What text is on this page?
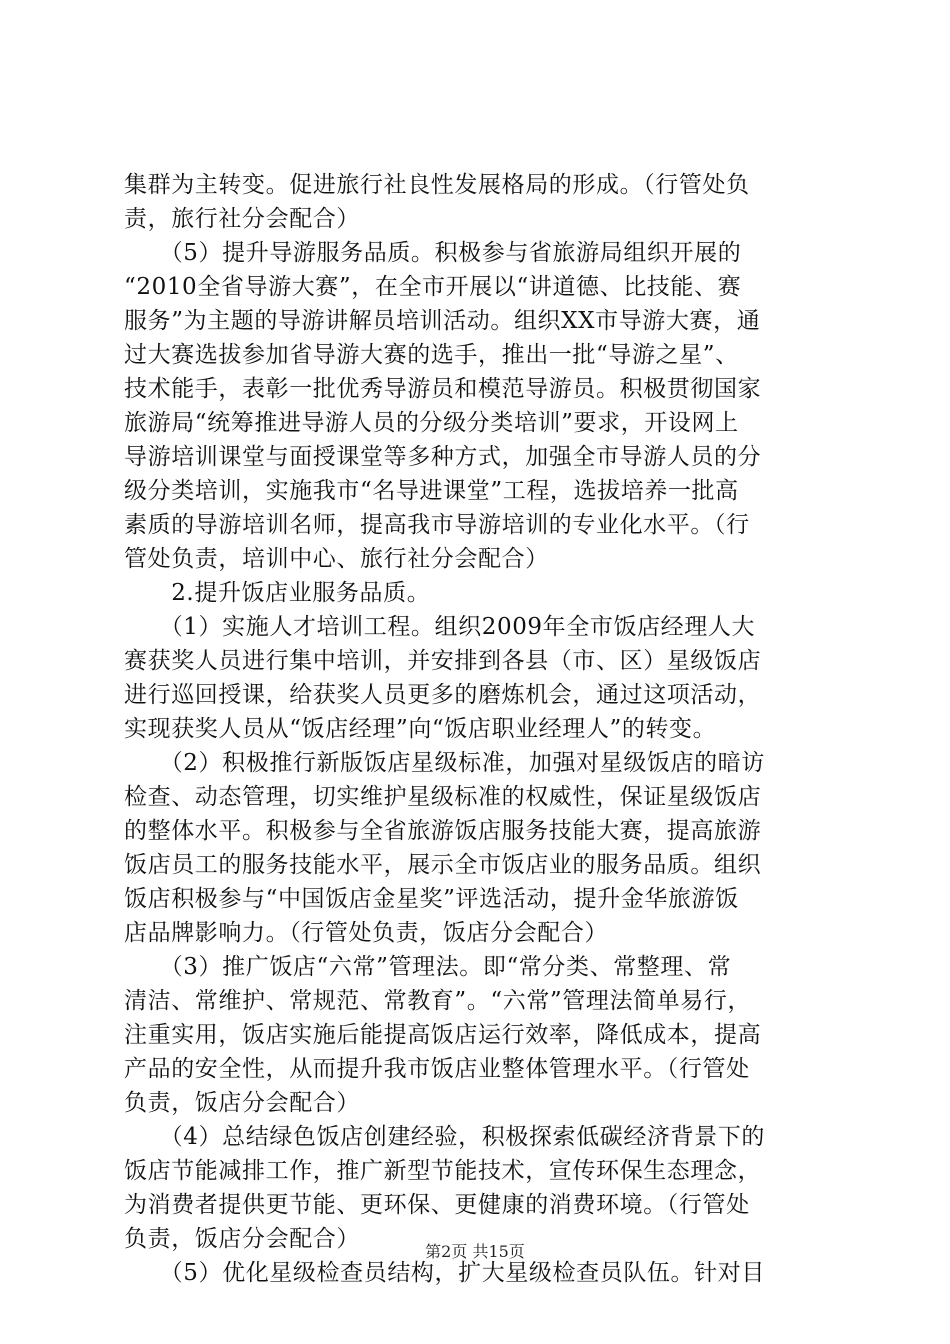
集群为主转变。促进旅行社良性发展格局的形成。（行管处负
责，旅行社分会配合）
　　（5）提升导游服务品质。积极参与省旅游局组织开展的
“2010全省导游大赛”，在全市开展以“讲道德、比技能、赛
服务”为主题的导游讲解员培训活动。组织XX市导游大赛，通
过大赛选拔参加省导游大赛的选手，推出一批“导游之星”、
技术能手，表彰一批优秀导游员和模范导游员。积极贯彻国家
旅游局“统筹推进导游人员的分级分类培训”要求，开设网上
导游培训课堂与面授课堂等多种方式，加强全市导游人员的分
级分类培训，实施我市“名导进课堂”工程，选拔培养一批高
素质的导游培训名师，提高我市导游培训的专业化水平。（行
管处负责，培训中心、旅行社分会配合）
　　2.提升饭店业服务品质。
　　（1）实施人才培训工程。组织2009年全市饭店经理人大
赛获奖人员进行集中培训，并安排到各县（市、区）星级饭店
进行巡回授课，给获奖人员更多的磨炼机会，通过这项活动，
实现获奖人员从“饭店经理”向“饭店职业经理人”的转变。
　　（2）积极推行新版饭店星级标准，加强对星级饭店的暗访
检查、动态管理，切实维护星级标准的权威性，保证星级饭店
的整体水平。积极参与全省旅游饭店服务技能大赛，提高旅游
饭店员工的服务技能水平，展示全市饭店业的服务品质。组织
饭店积极参与“中国饭店金星奖”评选活动，提升金华旅游饭
店品牌影响力。（行管处负责，饭店分会配合）
　　（3）推广饭店“六常”管理法。即“常分类、常整理、常
清洁、常维护、常规范、常教育”。“六常”管理法简单易行，
注重实用，饭店实施后能提高饭店运行效率，降低成本，提高
产品的安全性，从而提升我市饭店业整体管理水平。（行管处
负责，饭店分会配合）
　　（4）总结绿色饭店创建经验，积极探索低碳经济背景下的
饭店节能减排工作，推广新型节能技术，宣传环保生态理念，
为消费者提供更节能、更环保、更健康的消费环境。（行管处
负责，饭店分会配合）
　　（5）优化星级检查员结构，扩大星级检查员队伍。针对目
第2页 共15页
